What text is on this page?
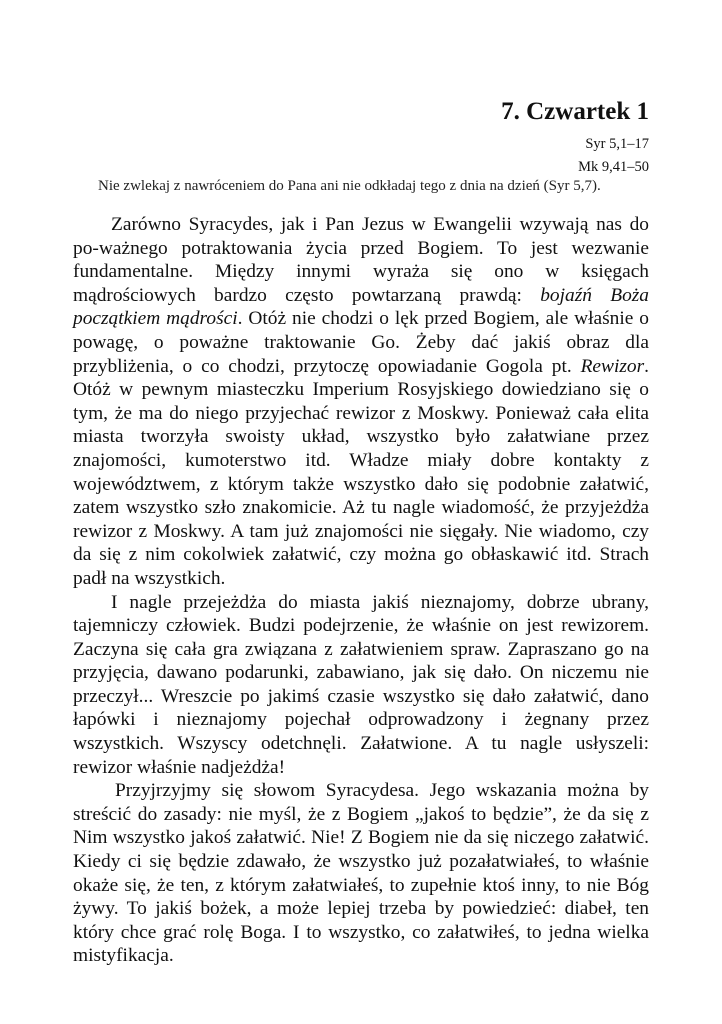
7. Czwartek 1
Syr 5,1–17
Mk 9,41–50
Nie zwlekaj z nawróceniem do Pana ani nie odkładaj tego z dnia na dzień (Syr 5,7).

Zarówno Syracydes, jak i Pan Jezus w Ewangelii wzywają nas do po-ważnego potraktowania życia przed Bogiem. To jest wezwanie fundamentalne. Między innymi wyraża się ono w księgach mądrościowych bardzo często powtarzaną prawdą: bojaźń Boża początkiem mądrości. Otóż nie chodzi o lęk przed Bogiem, ale właśnie o powagę, o poważne traktowanie Go. Żeby dać jakiś obraz dla przybliżenia, o co chodzi, przytoczę opowiadanie Gogola pt. Rewizor. Otóż w pewnym miasteczku Imperium Rosyjskiego dowiedziano się o tym, że ma do niego przyjechać rewizor z Moskwy. Ponieważ cała elita miasta tworzyła swoisty układ, wszystko było załatwiane przez znajomości, kumoterstwo itd. Władze miały dobre kontakty z województwem, z którym także wszystko dało się podobnie załatwić, zatem wszystko szło znakomicie. Aż tu nagle wiadomość, że przyjeżdża rewizor z Moskwy. A tam już znajomości nie sięgały. Nie wiadomo, czy da się z nim cokolwiek załatwić, czy można go obłaskawić itd. Strach padł na wszystkich.

I nagle przejeżdża do miasta jakiś nieznajomy, dobrze ubrany, tajemniczy człowiek. Budzi podejrzenie, że właśnie on jest rewizorem. Zaczyna się cała gra związana z załatwieniem spraw. Zapraszano go na przyjęcia, dawano podarunki, zabawiano, jak się dało. On niczemu nie przeczył... Wreszcie po jakimś czasie wszystko się dało załatwić, dano łapówki i nieznajomy pojechał odprowadzony i żegnany przez wszystkich. Wszyscy odetchnęli. Załatwione. A tu nagle usłyszeli: rewizor właśnie nadjeżdża!

Przyjrzyjmy się słowom Syracydesa. Jego wskazania można by streścić do zasady: nie myśl, że z Bogiem „jakoś to będzie”, że da się z Nim wszystko jakoś załatwić. Nie! Z Bogiem nie da się niczego załatwić. Kiedy ci się będzie zdawało, że wszystko już pozałatwiałeś, to właśnie okaże się, że ten, z którym załatwiałeś, to zupełnie ktoś inny, to nie Bóg żywy. To jakiś bożek, a może lepiej trzeba by powiedzieć: diabeł, ten który chce grać rolę Boga. I to wszystko, co załatwiłeś, to jedna wielka mistyfikacja.
